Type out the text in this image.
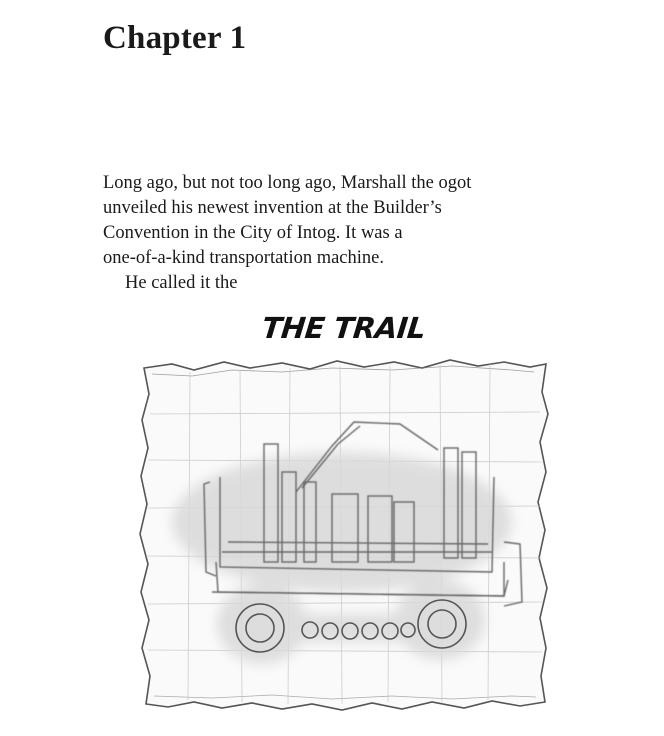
Chapter 1
Long ago, but not too long ago, Marshall the ogot
unveiled his newest invention at the Builder’s
Convention in the City of Intog. It was a
one-of-a-kind transportation machine.
He called it the
THE TRAIL
